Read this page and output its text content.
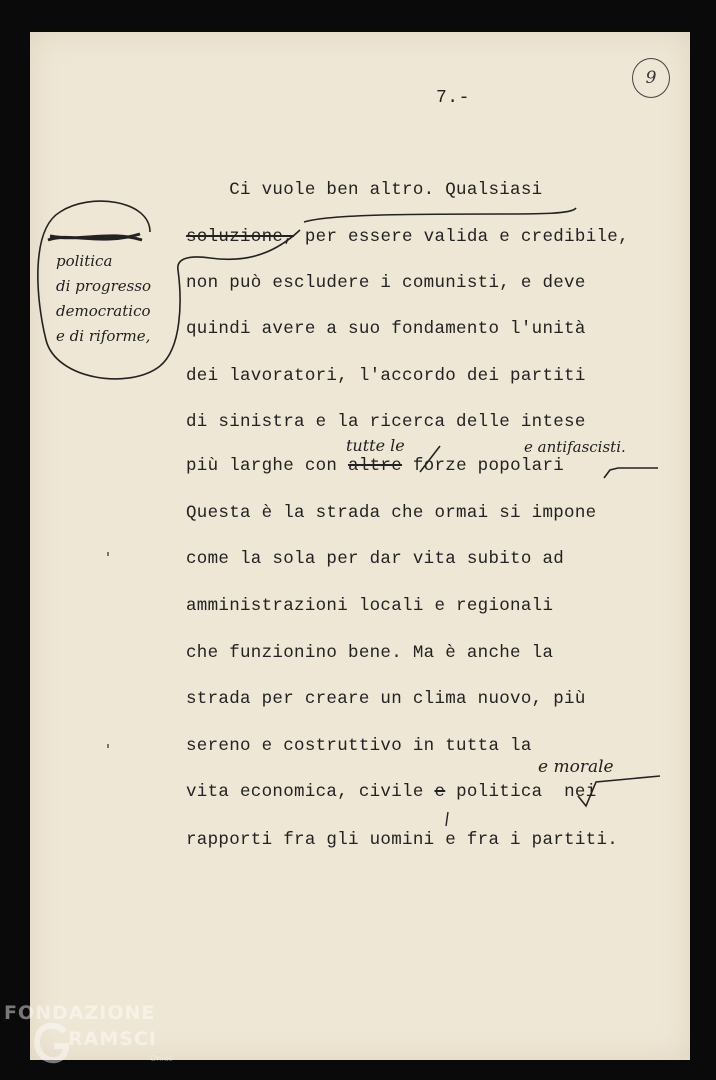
9
7.-
Ci vuole ben altro. Qualsiasi
soluzione, per essere valida e credibile,
non può escludere i comunisti, e deve
quindi avere a suo fondamento l'unità
dei lavoratori, l'accordo dei partiti
di sinistra e la ricerca delle intese
più larghe con altre forze popolari
Questa è la strada che ormai si impone
come la sola per dar vita subito ad
amministrazioni locali e regionali
che funzionino bene. Ma è anche la
strada per creare un clima nuovo, più
sereno e costruttivo in tutta la
vita economica, civile e politica nei
rapporti fra gli uomini e fra i partiti.
tutte le	e antifascisti.
e morale
politica
di progresso
democratico
e di riforme,
FONDAZIONE
RAMSCI
Onlus
